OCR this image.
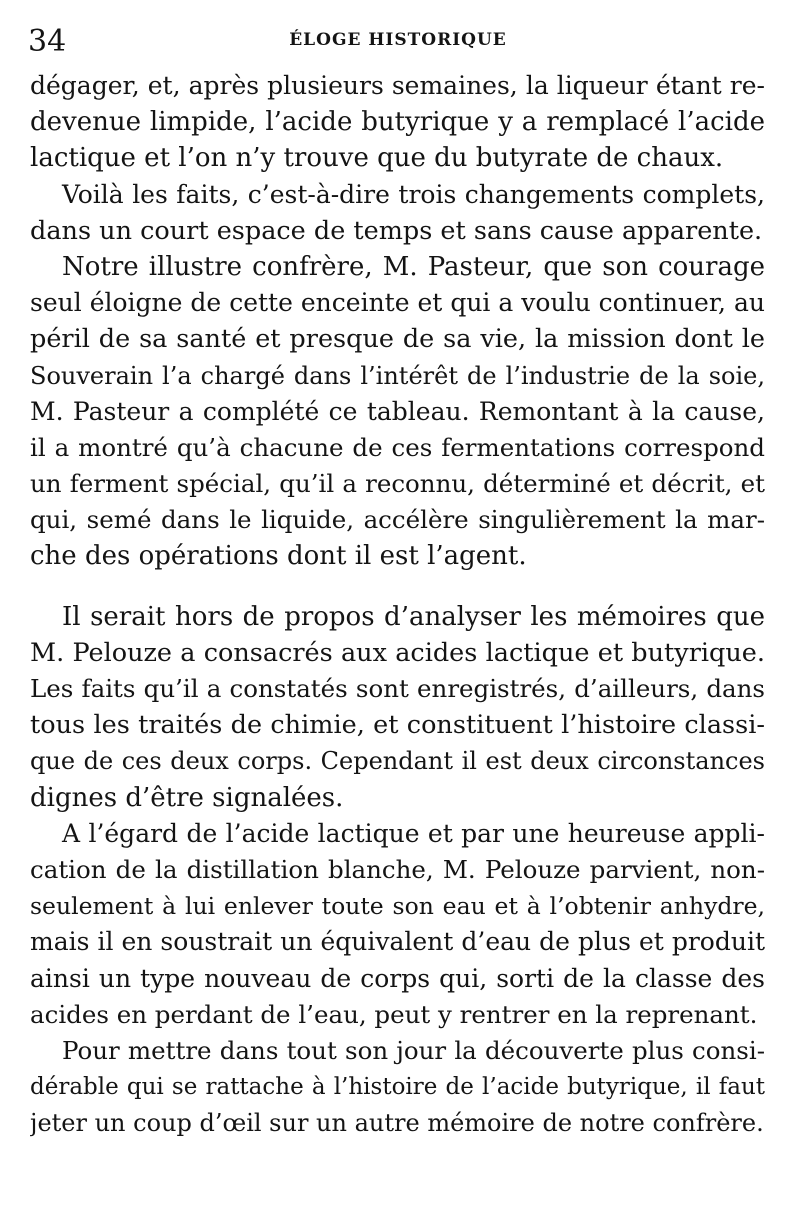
34	ÉLOGE HISTORIQUE
dégager, et, après plusieurs semaines, la liqueur étant re-
devenue limpide, l’acide butyrique y a remplacé l’acide
lactique et l’on n’y trouve que du butyrate de chaux.
Voilà les faits, c’est-à-dire trois changements complets,
dans un court espace de temps et sans cause apparente.
Notre illustre confrère, M. Pasteur, que son courage
seul éloigne de cette enceinte et qui a voulu continuer, au
péril de sa santé et presque de sa vie, la mission dont le
Souverain l’a chargé dans l’intérêt de l’industrie de la soie,
M. Pasteur a complété ce tableau. Remontant à la cause,
il a montré qu’à chacune de ces fermentations correspond
un ferment spécial, qu’il a reconnu, déterminé et décrit, et
qui, semé dans le liquide, accélère singulièrement la mar-
che des opérations dont il est l’agent.
Il serait hors de propos d’analyser les mémoires que
M. Pelouze a consacrés aux acides lactique et butyrique.
Les faits qu’il a constatés sont enregistrés, d’ailleurs, dans
tous les traités de chimie, et constituent l’histoire classi-
que de ces deux corps. Cependant il est deux circonstances
dignes d’être signalées.
A l’égard de l’acide lactique et par une heureuse appli-
cation de la distillation blanche, M. Pelouze parvient, non-
seulement à lui enlever toute son eau et à l’obtenir anhydre,
mais il en soustrait un équivalent d’eau de plus et produit
ainsi un type nouveau de corps qui, sorti de la classe des
acides en perdant de l’eau, peut y rentrer en la reprenant.
Pour mettre dans tout son jour la découverte plus consi-
dérable qui se rattache à l’histoire de l’acide butyrique, il faut
jeter un coup d’œil sur un autre mémoire de notre confrère.
